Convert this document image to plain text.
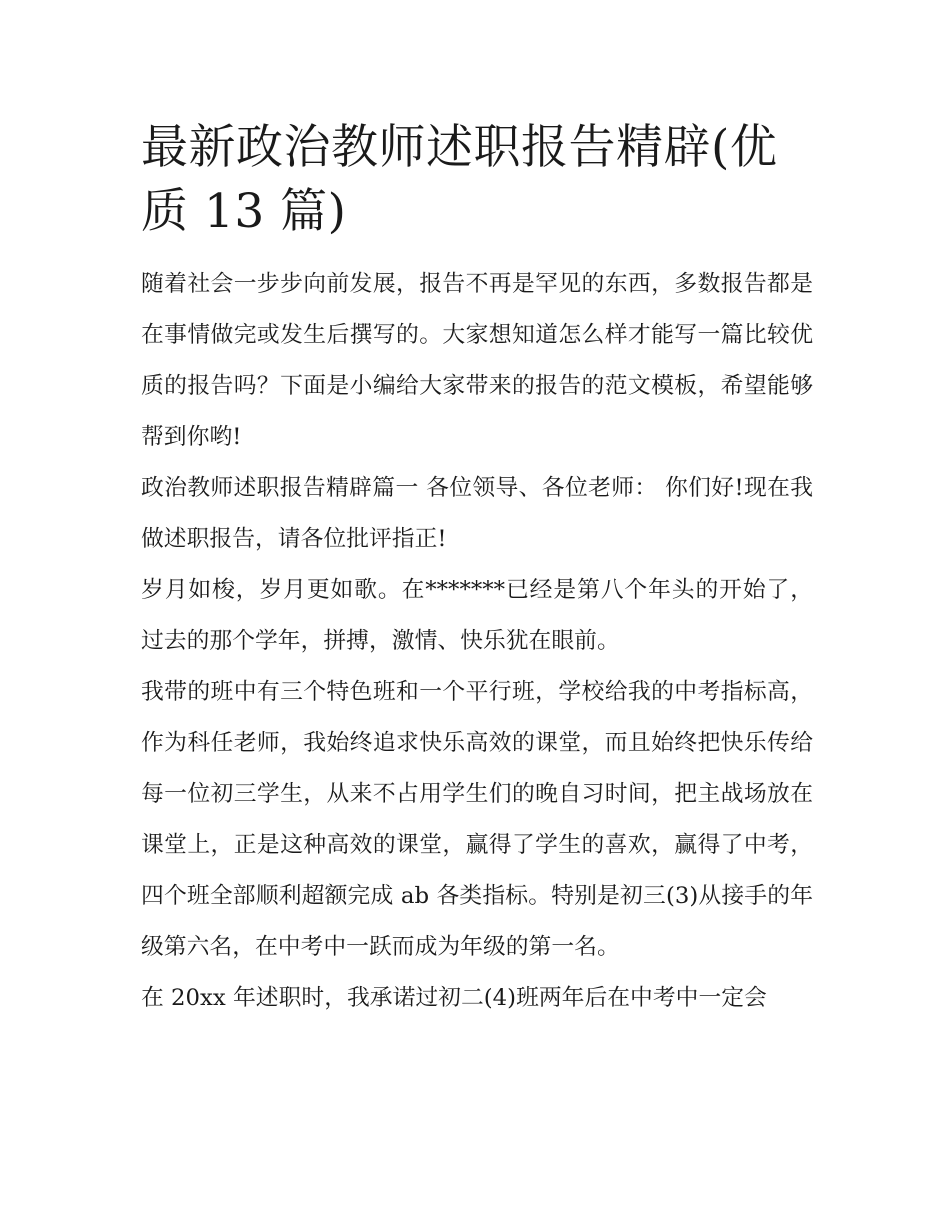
最新政治教师述职报告精辟(优质 13 篇)

随着社会一步步向前发展，报告不再是罕见的东西，多数报告都是在事情做完或发生后撰写的。大家想知道怎么样才能写一篇比较优质的报告吗？下面是小编给大家带来的报告的范文模板，希望能够帮到你哟!

政治教师述职报告精辟篇一 各位领导、各位老师： 你们好!现在我做述职报告，请各位批评指正!

岁月如梭，岁月更如歌。在*******已经是第八个年头的开始了，过去的那个学年，拼搏，激情、快乐犹在眼前。

我带的班中有三个特色班和一个平行班，学校给我的中考指标高，作为科任老师，我始终追求快乐高效的课堂，而且始终把快乐传给每一位初三学生，从来不占用学生们的晚自习时间，把主战场放在课堂上，正是这种高效的课堂，赢得了学生的喜欢，赢得了中考，四个班全部顺利超额完成 ab 各类指标。特别是初三(3)从接手的年级第六名，在中考中一跃而成为年级的第一名。

在 20xx 年述职时，我承诺过初二(4)班两年后在中考中一定会
